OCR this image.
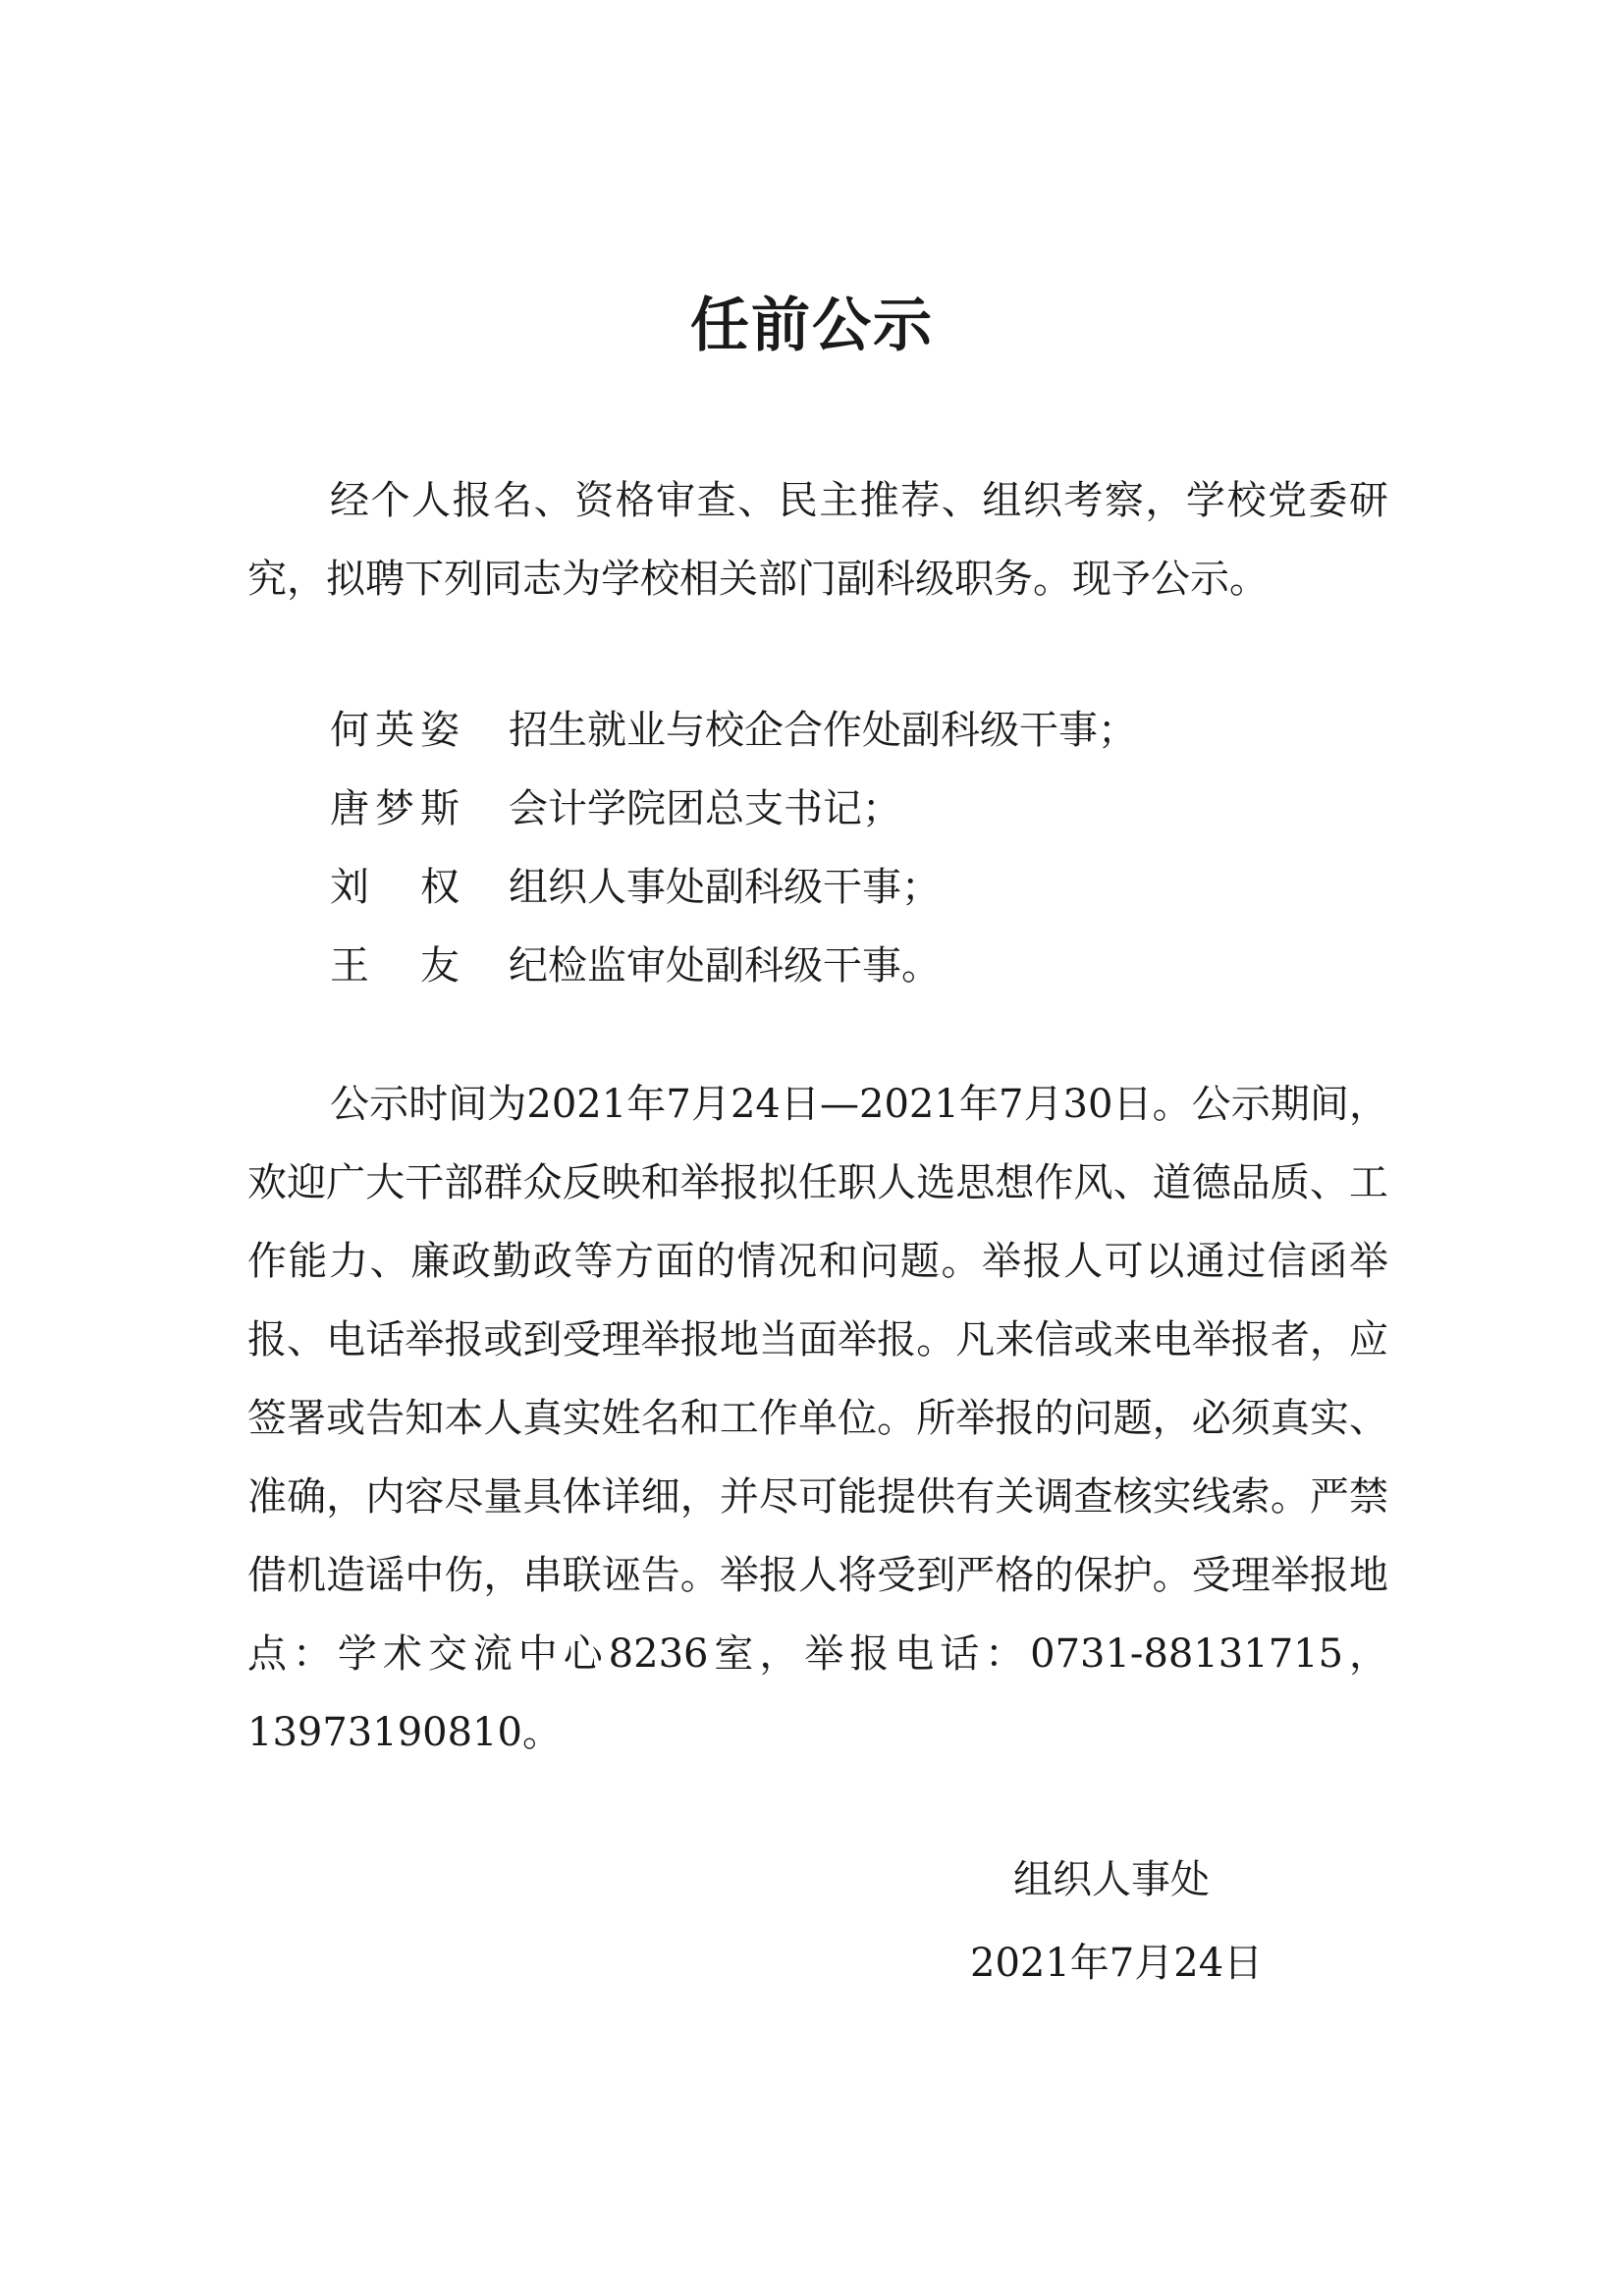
任前公示

经个人报名、资格审查、民主推荐、组织考察，学校党委研究，拟聘下列同志为学校相关部门副科级职务。现予公示。

何 英 姿 招生就业与校企合作处副科级干事；
唐 梦 斯 会计学院团总支书记；
刘 权 组织人事处副科级干事；
王 友 纪检监审处副科级干事。

公示时间为2021年7月24日—2021年7月30日。公示期间，欢迎广大干部群众反映和举报拟任职人选思想作风、道德品质、工作能力、廉政勤政等方面的情况和问题。举报人可以通过信函举报、电话举报或到受理举报地当面举报。凡来信或来电举报者，应签署或告知本人真实姓名和工作单位。所举报的问题，必须真实、准确，内容尽量具体详细，并尽可能提供有关调查核实线索。严禁借机造谣中伤，串联诬告。举报人将受到严格的保护。受理举报地点：学术交流中心8236室，举报电话：0731-88131715，13973190810。

组织人事处
2021年7月24日
